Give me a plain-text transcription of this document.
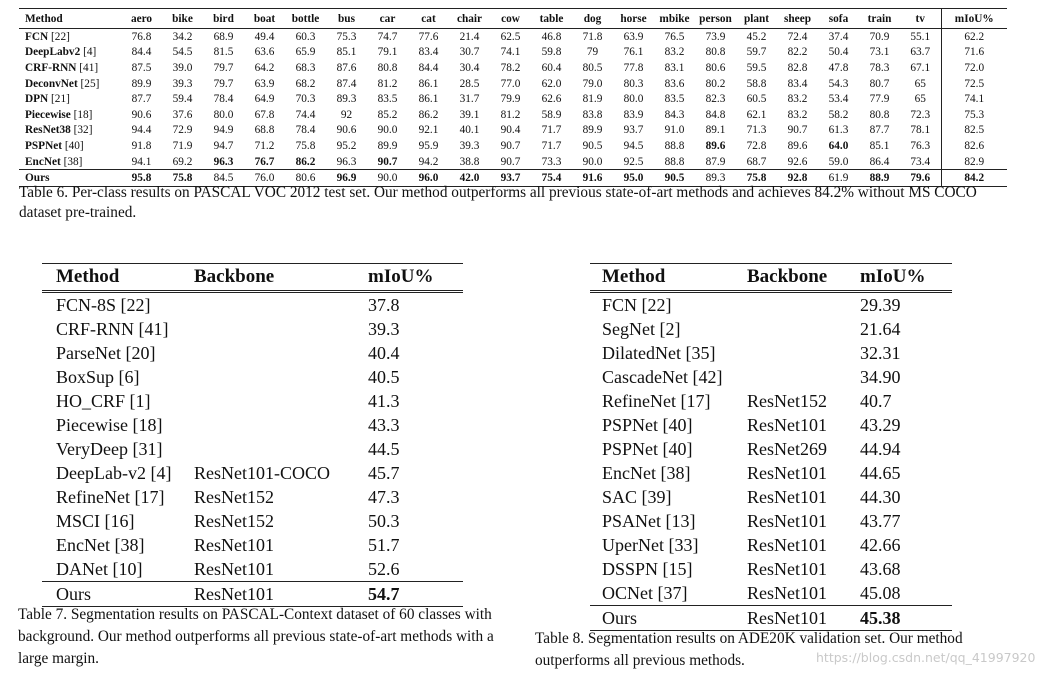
Method	aero	bike	bird	boat	bottle	bus	car	cat	chair	cow	table	dog	horse	mbike	person	plant	sheep	sofa	train	tv	mIoU%
FCN [22]	76.8	34.2	68.9	49.4	60.3	75.3	74.7	77.6	21.4	62.5	46.8	71.8	63.9	76.5	73.9	45.2	72.4	37.4	70.9	55.1	62.2
DeepLabv2 [4]	84.4	54.5	81.5	63.6	65.9	85.1	79.1	83.4	30.7	74.1	59.8	79	76.1	83.2	80.8	59.7	82.2	50.4	73.1	63.7	71.6
CRF-RNN [41]	87.5	39.0	79.7	64.2	68.3	87.6	80.8	84.4	30.4	78.2	60.4	80.5	77.8	83.1	80.6	59.5	82.8	47.8	78.3	67.1	72.0
DeconvNet [25]	89.9	39.3	79.7	63.9	68.2	87.4	81.2	86.1	28.5	77.0	62.0	79.0	80.3	83.6	80.2	58.8	83.4	54.3	80.7	65	72.5
DPN [21]	87.7	59.4	78.4	64.9	70.3	89.3	83.5	86.1	31.7	79.9	62.6	81.9	80.0	83.5	82.3	60.5	83.2	53.4	77.9	65	74.1
Piecewise [18]	90.6	37.6	80.0	67.8	74.4	92	85.2	86.2	39.1	81.2	58.9	83.8	83.9	84.3	84.8	62.1	83.2	58.2	80.8	72.3	75.3
ResNet38 [32]	94.4	72.9	94.9	68.8	78.4	90.6	90.0	92.1	40.1	90.4	71.7	89.9	93.7	91.0	89.1	71.3	90.7	61.3	87.7	78.1	82.5
PSPNet [40]	91.8	71.9	94.7	71.2	75.8	95.2	89.9	95.9	39.3	90.7	71.7	90.5	94.5	88.8	89.6	72.8	89.6	64.0	85.1	76.3	82.6
EncNet [38]	94.1	69.2	96.3	76.7	86.2	96.3	90.7	94.2	38.8	90.7	73.3	90.0	92.5	88.8	87.9	68.7	92.6	59.0	86.4	73.4	82.9
Ours	95.8	75.8	84.5	76.0	80.6	96.9	90.0	96.0	42.0	93.7	75.4	91.6	95.0	90.5	89.3	75.8	92.8	61.9	88.9	79.6	84.2
Table 6. Per-class results on PASCAL VOC 2012 test set. Our method outperforms all previous state-of-art methods and achieves 84.2% without MS COCO dataset pre-trained.
Method	Backbone	mIoU%
FCN-8S [22]		37.8
CRF-RNN [41]		39.3
ParseNet [20]		40.4
BoxSup [6]		40.5
HO_CRF [1]		41.3
Piecewise [18]		43.3
VeryDeep [31]		44.5
DeepLab-v2 [4]	ResNet101-COCO	45.7
RefineNet [17]	ResNet152	47.3
MSCI [16]	ResNet152	50.3
EncNet [38]	ResNet101	51.7
DANet [10]	ResNet101	52.6
Ours	ResNet101	54.7
Table 7. Segmentation results on PASCAL-Context dataset of 60 classes with background. Our method outperforms all previous state-of-art methods with a large margin.
Method	Backbone	mIoU%
FCN [22]		29.39
SegNet [2]		21.64
DilatedNet [35]		32.31
CascadeNet [42]		34.90
RefineNet [17]	ResNet152	40.7
PSPNet [40]	ResNet101	43.29
PSPNet [40]	ResNet269	44.94
EncNet [38]	ResNet101	44.65
SAC [39]	ResNet101	44.30
PSANet [13]	ResNet101	43.77
UperNet [33]	ResNet101	42.66
DSSPN [15]	ResNet101	43.68
OCNet [37]	ResNet101	45.08
Ours	ResNet101	45.38
Table 8. Segmentation results on ADE20K validation set. Our method outperforms all previous methods.	https://blog.csdn.net/qq_41997920
